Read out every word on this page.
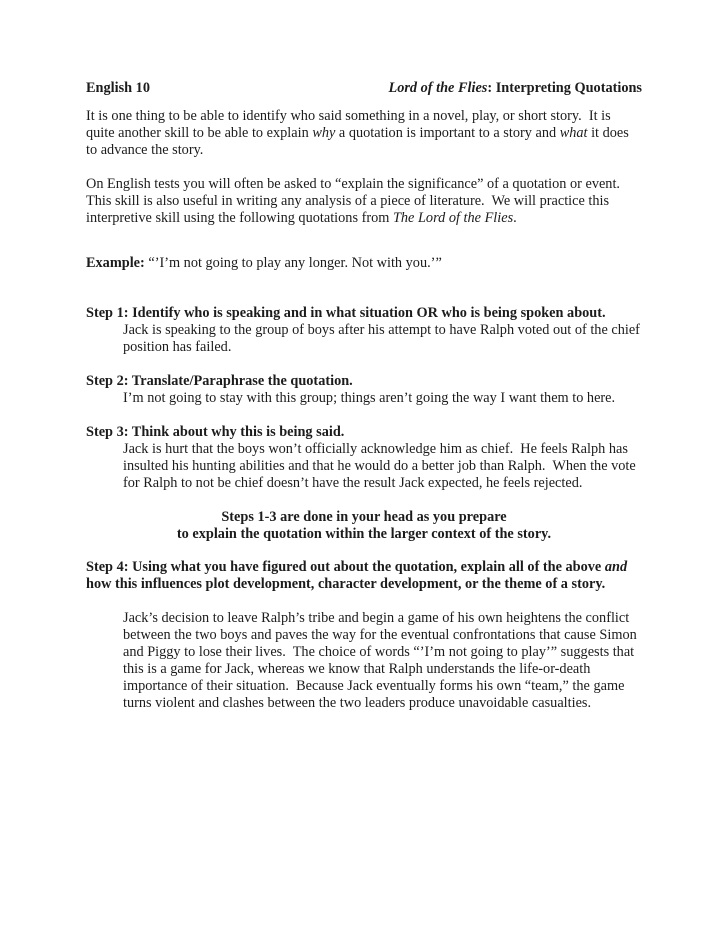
English 10	Lord of the Flies: Interpreting Quotations

It is one thing to be able to identify who said something in a novel, play, or short story.  It is quite another skill to be able to explain why a quotation is important to a story and what it does to advance the story.

On English tests you will often be asked to “explain the significance” of a quotation or event.  This skill is also useful in writing any analysis of a piece of literature.  We will practice this interpretive skill using the following quotations from The Lord of the Flies.

Example: “’I’m not going to play any longer. Not with you.’”

Step 1: Identify who is speaking and in what situation OR who is being spoken about.

Jack is speaking to the group of boys after his attempt to have Ralph voted out of the chief position has failed.

Step 2: Translate/Paraphrase the quotation.

I’m not going to stay with this group; things aren’t going the way I want them to here.

Step 3: Think about why this is being said.

Jack is hurt that the boys won’t officially acknowledge him as chief.  He feels Ralph has insulted his hunting abilities and that he would do a better job than Ralph.  When the vote for Ralph to not be chief doesn’t have the result Jack expected, he feels rejected.

Steps 1-3 are done in your head as you prepare
to explain the quotation within the larger context of the story.

Step 4: Using what you have figured out about the quotation, explain all of the above and how this influences plot development, character development, or the theme of a story.

Jack’s decision to leave Ralph’s tribe and begin a game of his own heightens the conflict between the two boys and paves the way for the eventual confrontations that cause Simon and Piggy to lose their lives.  The choice of words “’I’m not going to play’” suggests that this is a game for Jack, whereas we know that Ralph understands the life-or-death importance of their situation.  Because Jack eventually forms his own “team,” the game turns violent and clashes between the two leaders produce unavoidable casualties.
